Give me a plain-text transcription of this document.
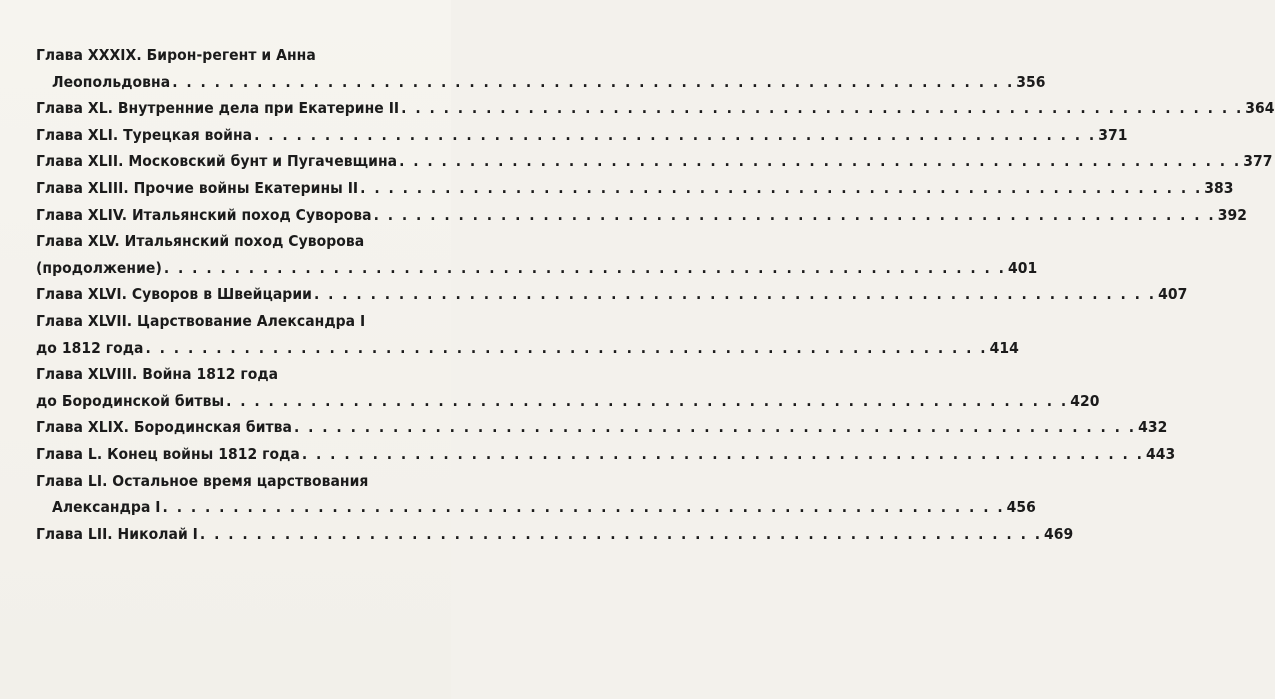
Глава XXXIX. Бирон-регент и Анна
Леопольдовна . . . . . . . . . . . . . . . . . . . . . . . . . . . . . . . . . . . . . . . . . . . . . . . . . . . . . . . . . . . . 356
Глава XL. Внутренние дела при Екатерине II . . . . . . . . . . . . . . . . . . . . . . . . . . . . . . . . . . . . . . . . . . . . . . . . . . . . . . . . . . . . 364
Глава XLI. Турецкая война . . . . . . . . . . . . . . . . . . . . . . . . . . . . . . . . . . . . . . . . . . . . . . . . . . . . . . . . . . . . 371
Глава XLII. Московский бунт и Пугачевщина . . . . . . . . . . . . . . . . . . . . . . . . . . . . . . . . . . . . . . . . . . . . . . . . . . . . . . . . . . . . 377
Глава XLIII. Прочие войны Екатерины II . . . . . . . . . . . . . . . . . . . . . . . . . . . . . . . . . . . . . . . . . . . . . . . . . . . . . . . . . . . . 383
Глава XLIV. Итальянский поход Суворова . . . . . . . . . . . . . . . . . . . . . . . . . . . . . . . . . . . . . . . . . . . . . . . . . . . . . . . . . . . . 392
Глава XLV. Итальянский поход Суворова
(продолжение) . . . . . . . . . . . . . . . . . . . . . . . . . . . . . . . . . . . . . . . . . . . . . . . . . . . . . . . . . . . . 401
Глава XLVI. Суворов в Швейцарии . . . . . . . . . . . . . . . . . . . . . . . . . . . . . . . . . . . . . . . . . . . . . . . . . . . . . . . . . . . . 407
Глава XLVII. Царствование Александра I
до 1812 года . . . . . . . . . . . . . . . . . . . . . . . . . . . . . . . . . . . . . . . . . . . . . . . . . . . . . . . . . . . . 414
Глава XLVIII. Война 1812 года
до Бородинской битвы . . . . . . . . . . . . . . . . . . . . . . . . . . . . . . . . . . . . . . . . . . . . . . . . . . . . . . . . . . . . 420
Глава XLIX. Бородинская битва . . . . . . . . . . . . . . . . . . . . . . . . . . . . . . . . . . . . . . . . . . . . . . . . . . . . . . . . . . . . 432
Глава L. Конец войны 1812 года . . . . . . . . . . . . . . . . . . . . . . . . . . . . . . . . . . . . . . . . . . . . . . . . . . . . . . . . . . . . 443
Глава LI. Остальное время царствования
Александра I . . . . . . . . . . . . . . . . . . . . . . . . . . . . . . . . . . . . . . . . . . . . . . . . . . . . . . . . . . . . 456
Глава LII. Николай I . . . . . . . . . . . . . . . . . . . . . . . . . . . . . . . . . . . . . . . . . . . . . . . . . . . . . . . . . . . . 469
